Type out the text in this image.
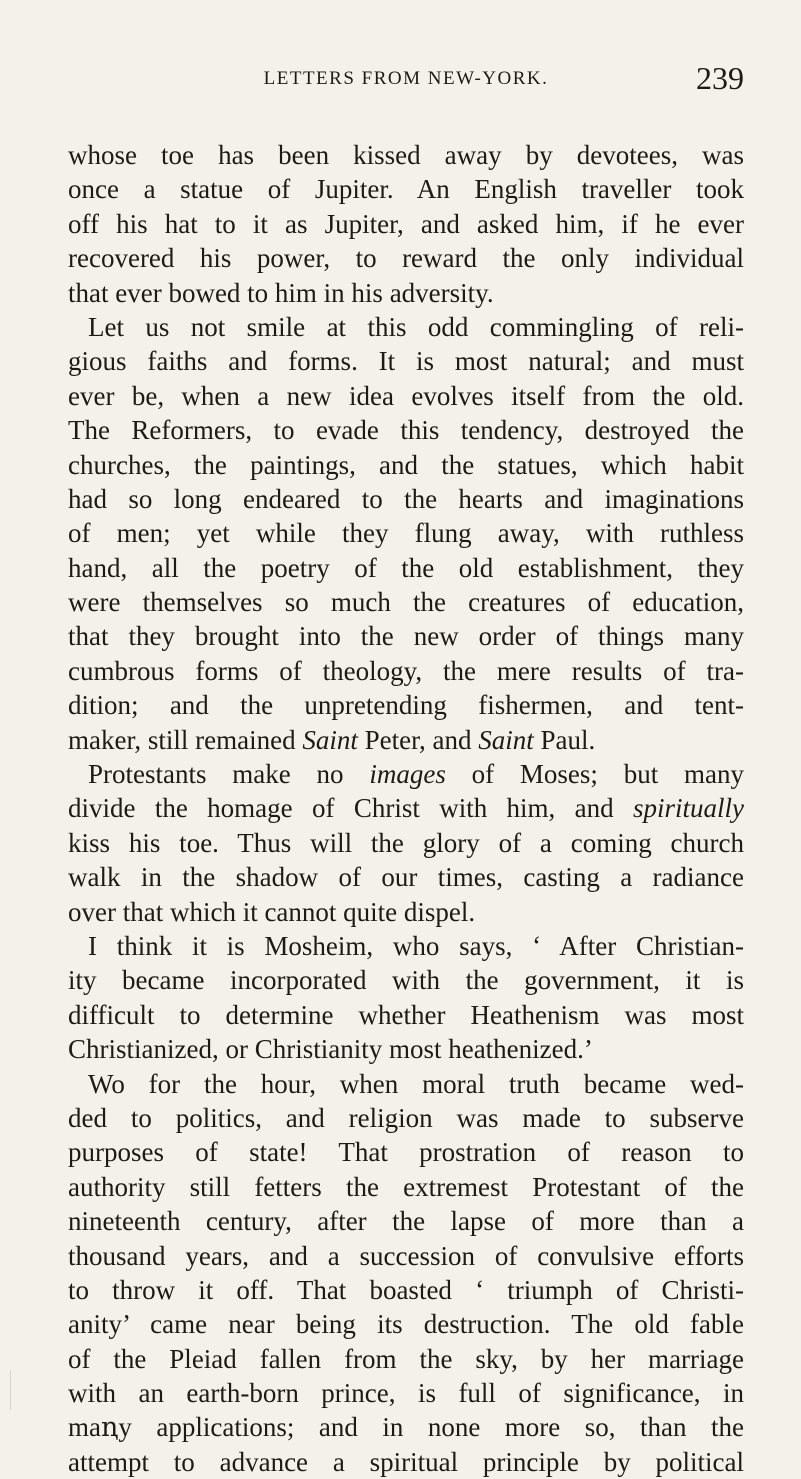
LETTERS FROM NEW-YORK.	239
whose toe has been kissed away by devotees, was
once a statue of Jupiter. An English traveller took
off his hat to it as Jupiter, and asked him, if he ever
recovered his power, to reward the only individual
that ever bowed to him in his adversity.
Let us not smile at this odd commingling of reli-
gious faiths and forms. It is most natural; and must
ever be, when a new idea evolves itself from the old.
The Reformers, to evade this tendency, destroyed the
churches, the paintings, and the statues, which habit
had so long endeared to the hearts and imaginations
of men; yet while they flung away, with ruthless
hand, all the poetry of the old establishment, they
were themselves so much the creatures of education,
that they brought into the new order of things many
cumbrous forms of theology, the mere results of tra-
dition; and the unpretending fishermen, and tent-
maker, still remained Saint Peter, and Saint Paul.
Protestants make no images of Moses; but many
divide the homage of Christ with him, and spiritually
kiss his toe. Thus will the glory of a coming church
walk in the shadow of our times, casting a radiance
over that which it cannot quite dispel.
I think it is Mosheim, who says, ‘ After Christian-
ity became incorporated with the government, it is
difficult to determine whether Heathenism was most
Christianized, or Christianity most heathenized.’
Wo for the hour, when moral truth became wed-
ded to politics, and religion was made to subserve
purposes of state! That prostration of reason to
authority still fetters the extremest Protestant of the
nineteenth century, after the lapse of more than a
thousand years, and a succession of convulsive efforts
to throw it off. That boasted ‘ triumph of Christi-
anity’ came near being its destruction. The old fable
of the Pleiad fallen from the sky, by her marriage
with an earth-born prince, is full of significance, in
maꞑy applications; and in none more so, than the
attempt to advance a spiritual principle by political
